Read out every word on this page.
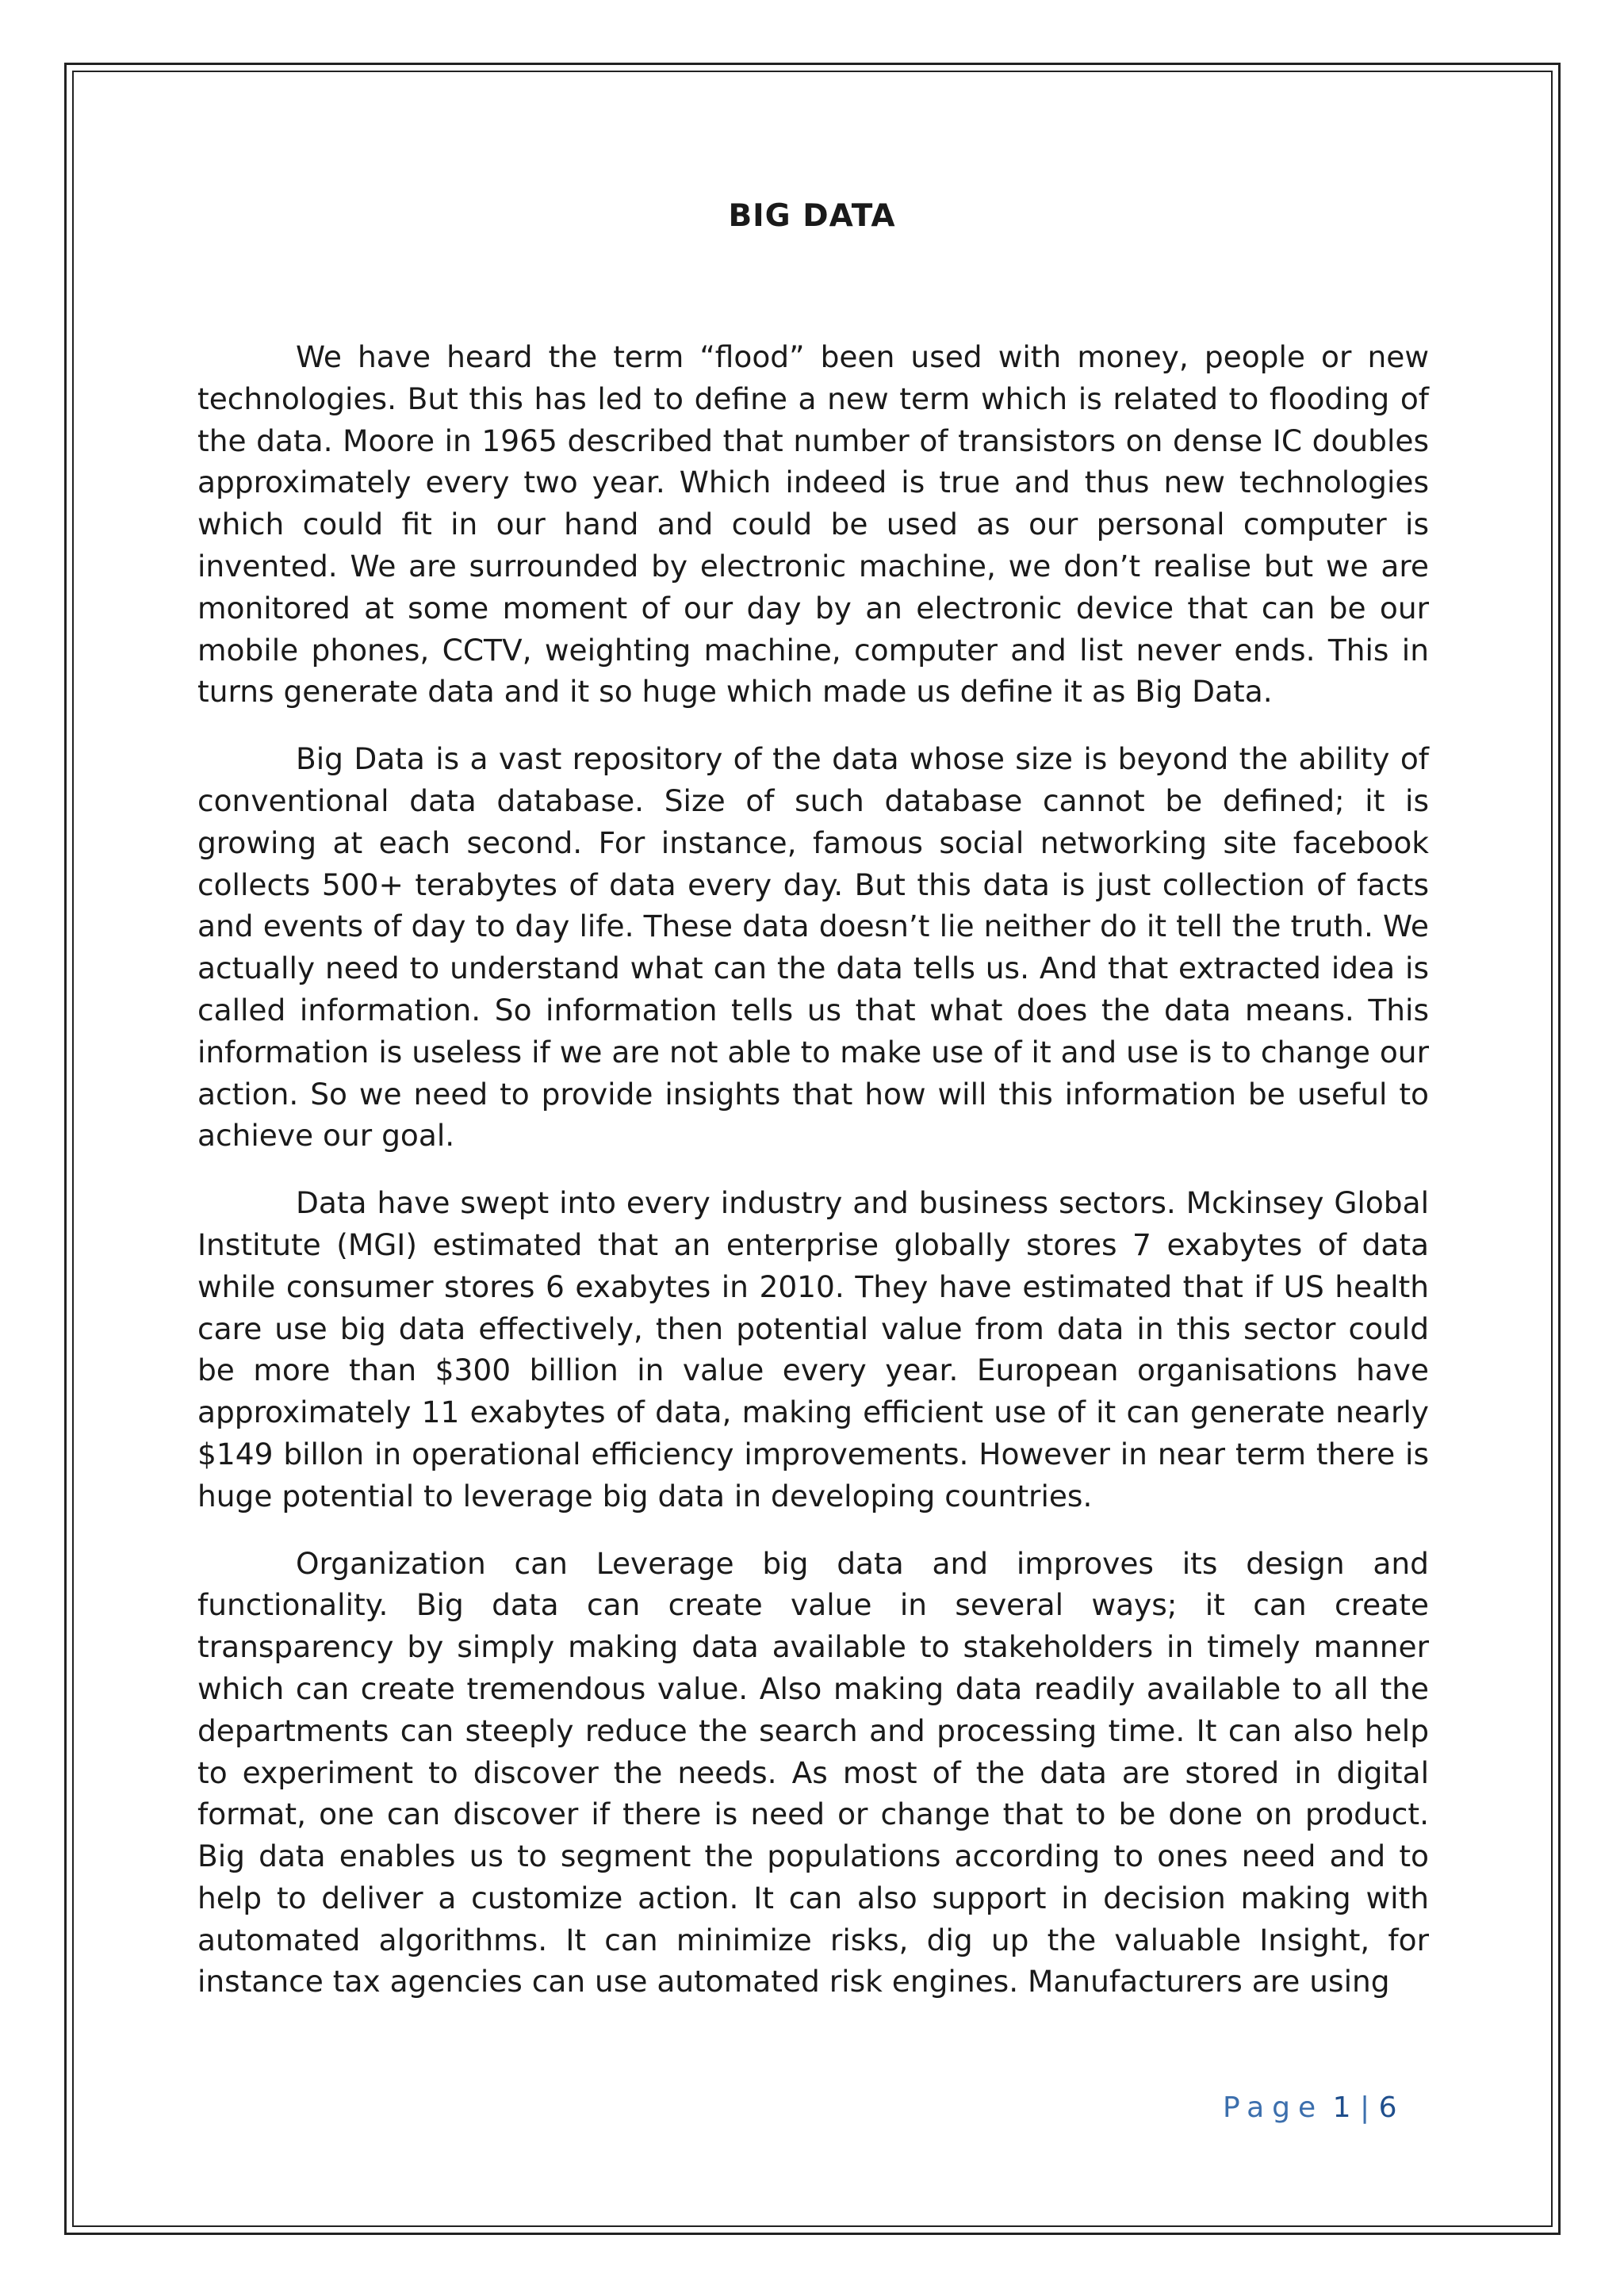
BIG DATA

We have heard the term “flood” been used with money, people or new technologies. But this has led to define a new term which is related to flooding of the data. Moore in 1965 described that number of transistors on dense IC doubles approximately every two year. Which indeed is true and thus new technologies which could fit in our hand and could be used as our personal computer is invented. We are surrounded by electronic machine, we don’t realise but we are monitored at some moment of our day by an electronic device that can be our mobile phones, CCTV, weighting machine, computer and list never ends. This in turns generate data and it so huge which made us define it as Big Data.

Big Data is a vast repository of the data whose size is beyond the ability of conventional data database. Size of such database cannot be defined; it is growing at each second. For instance, famous social networking site facebook collects 500+ terabytes of data every day. But this data is just collection of facts and events of day to day life. These data doesn’t lie neither do it tell the truth. We actually need to understand what can the data tells us. And that extracted idea is called information. So information tells us that what does the data means. This information is useless if we are not able to make use of it and use is to change our action. So we need to provide insights that how will this information be useful to achieve our goal.

Data have swept into every industry and business sectors. Mckinsey Global Institute (MGI) estimated that an enterprise globally stores 7 exabytes of data while consumer stores 6 exabytes in 2010. They have estimated that if US health care use big data effectively, then potential value from data in this sector could be more than $300 billion in value every year. European organisations have approximately 11 exabytes of data, making efficient use of it can generate nearly $149 billon in operational efficiency improvements. However in near term there is huge potential to leverage big data in developing countries.

Organization can Leverage big data and improves its design and functionality. Big data can create value in several ways; it can create transparency by simply making data available to stakeholders in timely manner which can create tremendous value. Also making data readily available to all the departments can steeply reduce the search and processing time. It can also help to experiment to discover the needs. As most of the data are stored in digital format, one can discover if there is need or change that to be done on product. Big data enables us to segment the populations according to ones need and to help to deliver a customize action. It can also support in decision making with automated algorithms. It can minimize risks, dig up the valuable Insight, for instance tax agencies can use automated risk engines. Manufacturers are using

Page 1 | 6
